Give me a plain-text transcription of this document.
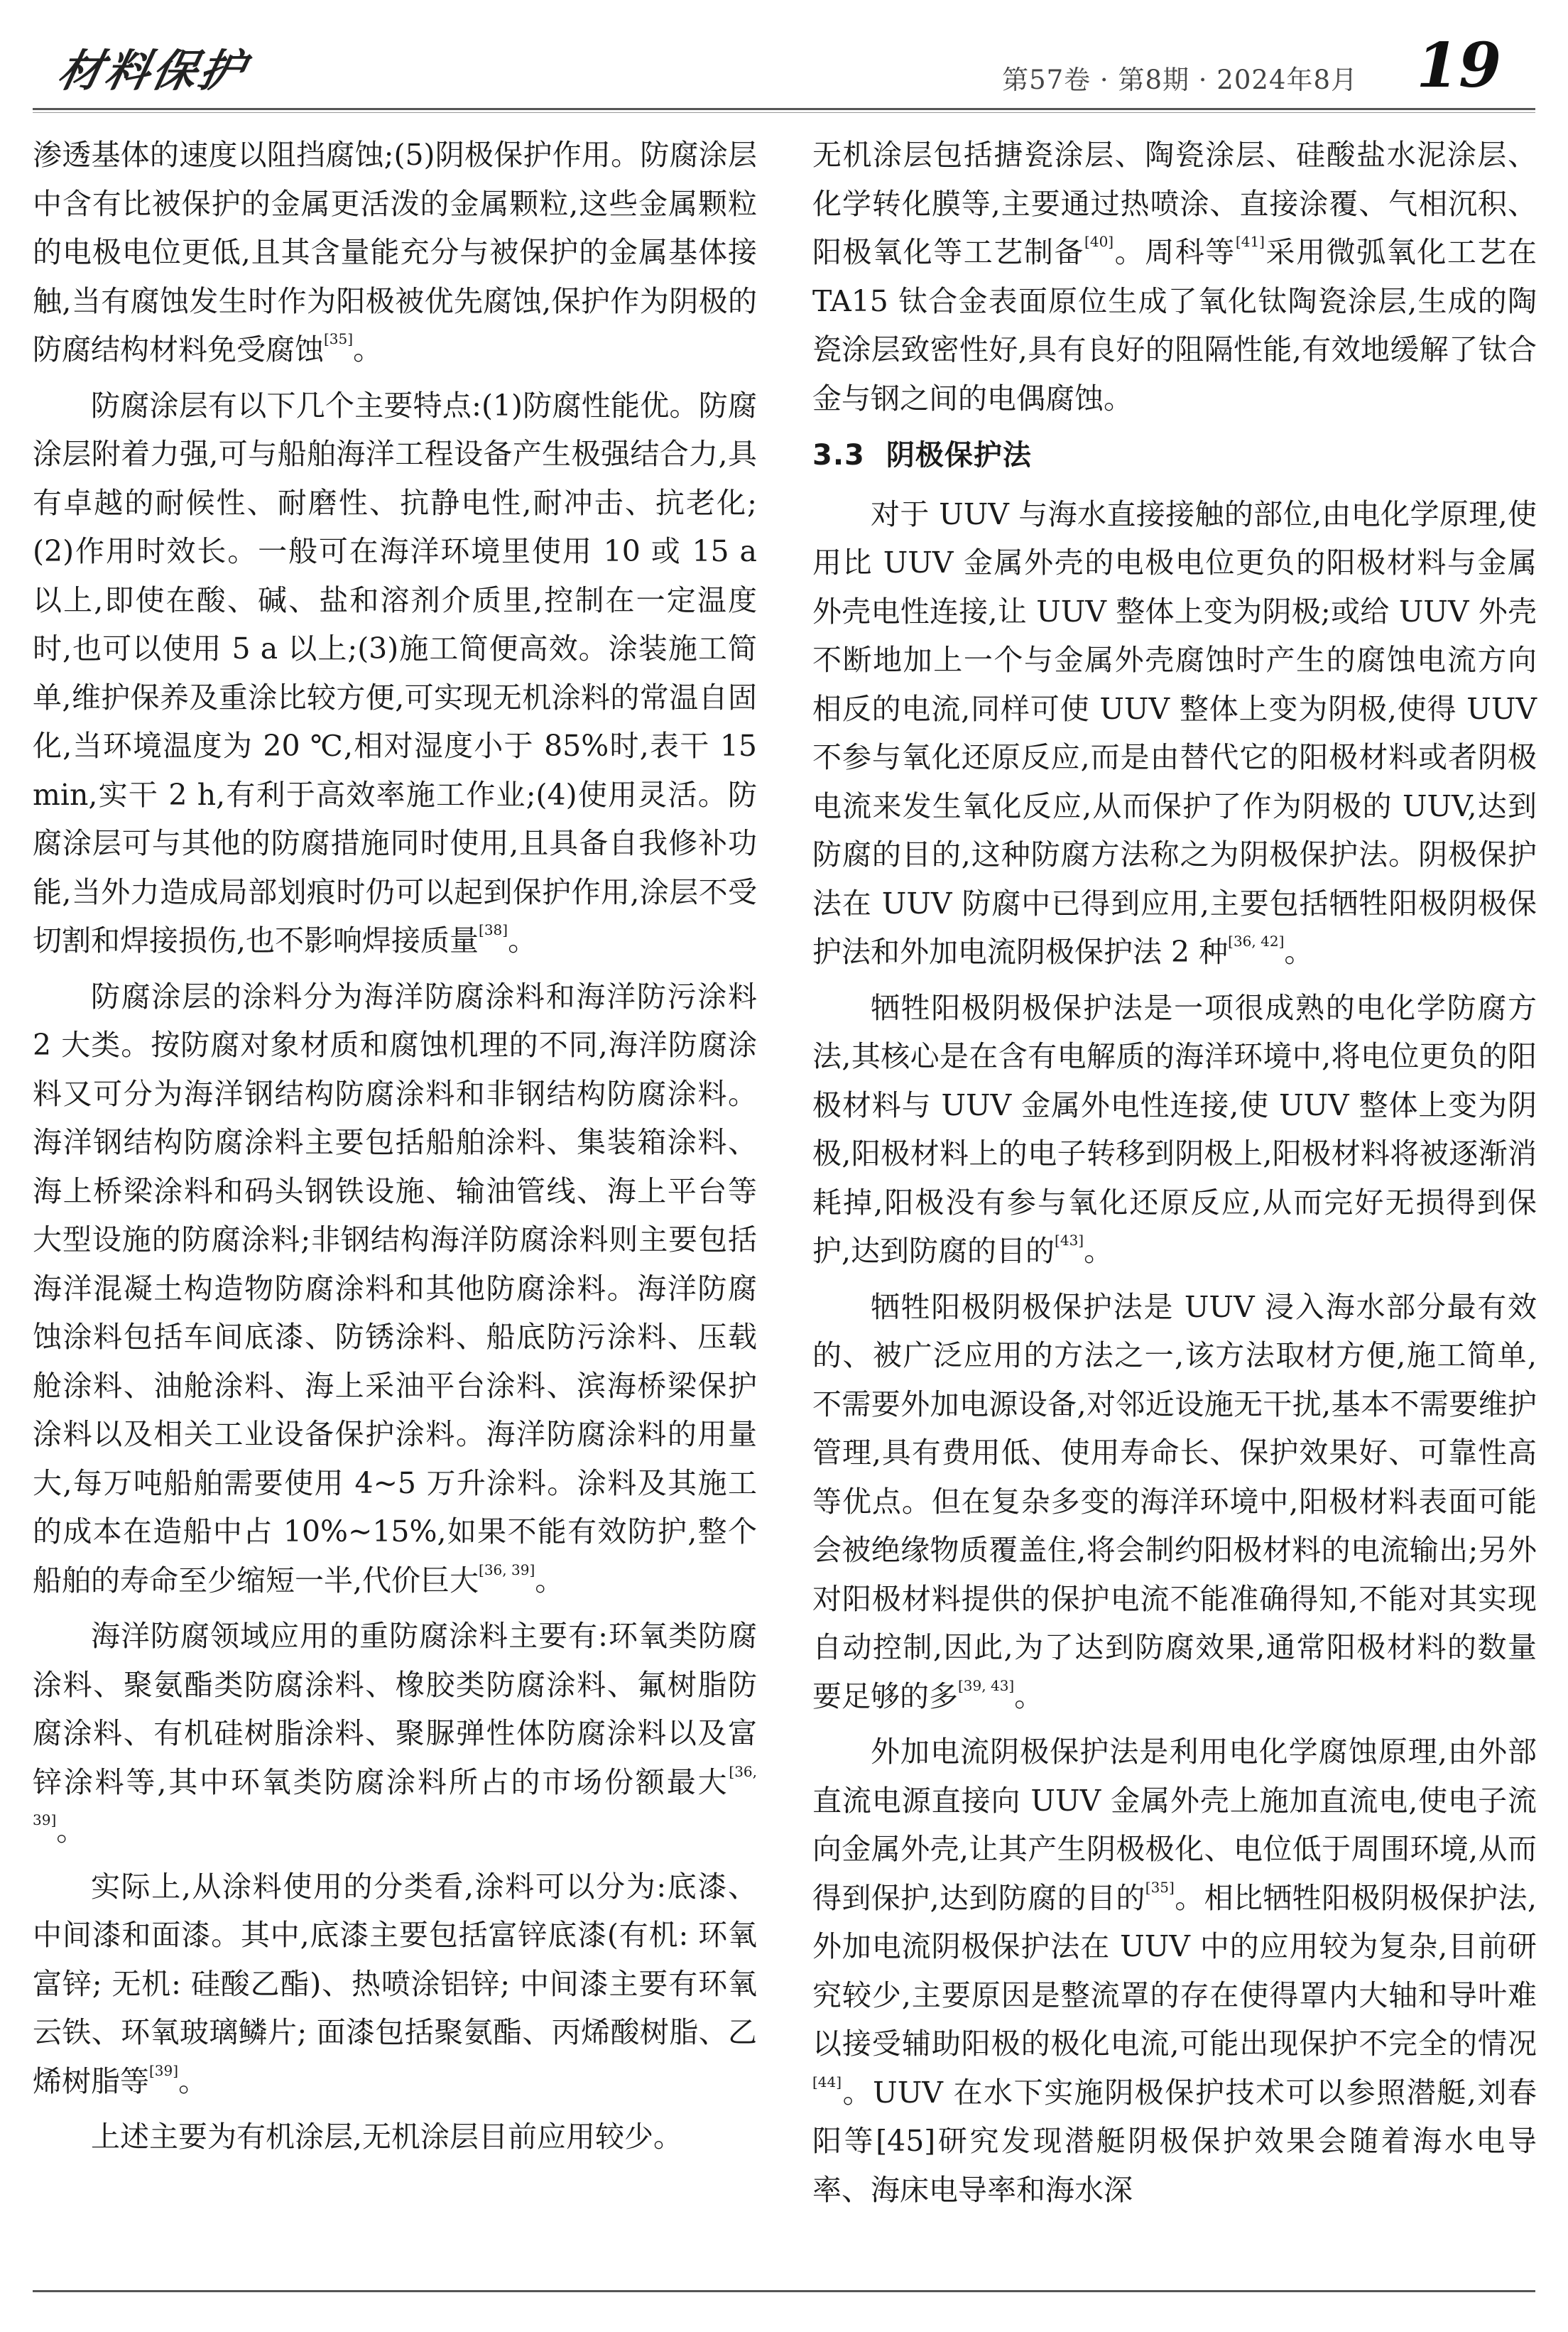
材料保护	第57卷 · 第8期 · 2024年8月 19

渗透基体的速度以阻挡腐蚀;(5)阴极保护作用。防腐涂层中含有比被保护的金属更活泼的金属颗粒,这些金属颗粒的电极电位更低,且其含量能充分与被保护的金属基体接触,当有腐蚀发生时作为阳极被优先腐蚀,保护作为阴极的防腐结构材料免受腐蚀[35]。

防腐涂层有以下几个主要特点:(1)防腐性能优。防腐涂层附着力强,可与船舶海洋工程设备产生极强结合力,具有卓越的耐候性、耐磨性、抗静电性,耐冲击、抗老化;(2)作用时效长。一般可在海洋环境里使用 10 或 15 a 以上,即使在酸、碱、盐和溶剂介质里,控制在一定温度时,也可以使用 5 a 以上;(3)施工简便高效。涂装施工简单,维护保养及重涂比较方便,可实现无机涂料的常温自固化,当环境温度为 20 ℃,相对湿度小于 85%时,表干 15 min,实干 2 h,有利于高效率施工作业;(4)使用灵活。防腐涂层可与其他的防腐措施同时使用,且具备自我修补功能,当外力造成局部划痕时仍可以起到保护作用,涂层不受切割和焊接损伤,也不影响焊接质量[38]。

防腐涂层的涂料分为海洋防腐涂料和海洋防污涂料 2 大类。按防腐对象材质和腐蚀机理的不同,海洋防腐涂料又可分为海洋钢结构防腐涂料和非钢结构防腐涂料。海洋钢结构防腐涂料主要包括船舶涂料、集装箱涂料、海上桥梁涂料和码头钢铁设施、输油管线、海上平台等大型设施的防腐涂料;非钢结构海洋防腐涂料则主要包括海洋混凝土构造物防腐涂料和其他防腐涂料。海洋防腐蚀涂料包括车间底漆、防锈涂料、船底防污涂料、压载舱涂料、油舱涂料、海上采油平台涂料、滨海桥梁保护涂料以及相关工业设备保护涂料。海洋防腐涂料的用量大,每万吨船舶需要使用 4~5 万升涂料。涂料及其施工的成本在造船中占 10%~15%,如果不能有效防护,整个船舶的寿命至少缩短一半,代价巨大[36, 39]。

海洋防腐领域应用的重防腐涂料主要有:环氧类防腐涂料、聚氨酯类防腐涂料、橡胶类防腐涂料、氟树脂防腐涂料、有机硅树脂涂料、聚脲弹性体防腐涂料以及富锌涂料等,其中环氧类防腐涂料所占的市场份额最大[36, 39]。

实际上,从涂料使用的分类看,涂料可以分为:底漆、中间漆和面漆。其中,底漆主要包括富锌底漆(有机: 环氧富锌; 无机: 硅酸乙酯)、热喷涂铝锌; 中间漆主要有环氧云铁、环氧玻璃鳞片; 面漆包括聚氨酯、丙烯酸树脂、乙烯树脂等[39]。

上述主要为有机涂层,无机涂层目前应用较少。

无机涂层包括搪瓷涂层、陶瓷涂层、硅酸盐水泥涂层、化学转化膜等,主要通过热喷涂、直接涂覆、气相沉积、阳极氧化等工艺制备[40]。周科等[41]采用微弧氧化工艺在 TA15 钛合金表面原位生成了氧化钛陶瓷涂层,生成的陶瓷涂层致密性好,具有良好的阻隔性能,有效地缓解了钛合金与钢之间的电偶腐蚀。

3.3 阴极保护法

对于 UUV 与海水直接接触的部位,由电化学原理,使用比 UUV 金属外壳的电极电位更负的阳极材料与金属外壳电性连接,让 UUV 整体上变为阴极;或给 UUV 外壳不断地加上一个与金属外壳腐蚀时产生的腐蚀电流方向相反的电流,同样可使 UUV 整体上变为阴极,使得 UUV 不参与氧化还原反应,而是由替代它的阳极材料或者阴极电流来发生氧化反应,从而保护了作为阴极的 UUV,达到防腐的目的,这种防腐方法称之为阴极保护法。阴极保护法在 UUV 防腐中已得到应用,主要包括牺牲阳极阴极保护法和外加电流阴极保护法 2 种[36, 42]。

牺牲阳极阴极保护法是一项很成熟的电化学防腐方法,其核心是在含有电解质的海洋环境中,将电位更负的阳极材料与 UUV 金属外电性连接,使 UUV 整体上变为阴极,阳极材料上的电子转移到阴极上,阳极材料将被逐渐消耗掉,阳极没有参与氧化还原反应,从而完好无损得到保护,达到防腐的目的[43]。

牺牲阳极阴极保护法是 UUV 浸入海水部分最有效的、被广泛应用的方法之一,该方法取材方便,施工简单,不需要外加电源设备,对邻近设施无干扰,基本不需要维护管理,具有费用低、使用寿命长、保护效果好、可靠性高等优点。但在复杂多变的海洋环境中,阳极材料表面可能会被绝缘物质覆盖住,将会制约阳极材料的电流输出;另外对阳极材料提供的保护电流不能准确得知,不能对其实现自动控制,因此,为了达到防腐效果,通常阳极材料的数量要足够的多[39, 43]。

外加电流阴极保护法是利用电化学腐蚀原理,由外部直流电源直接向 UUV 金属外壳上施加直流电,使电子流向金属外壳,让其产生阴极极化、电位低于周围环境,从而得到保护,达到防腐的目的[35]。相比牺牲阳极阴极保护法,外加电流阴极保护法在 UUV 中的应用较为复杂,目前研究较少,主要原因是整流罩的存在使得罩内大轴和导叶难以接受辅助阳极的极化电流,可能出现保护不完全的情况[44]。UUV 在水下实施阴极保护技术可以参照潜艇,刘春阳等[45]研究发现潜艇阴极保护效果会随着海水电导率、海床电导率和海水深
